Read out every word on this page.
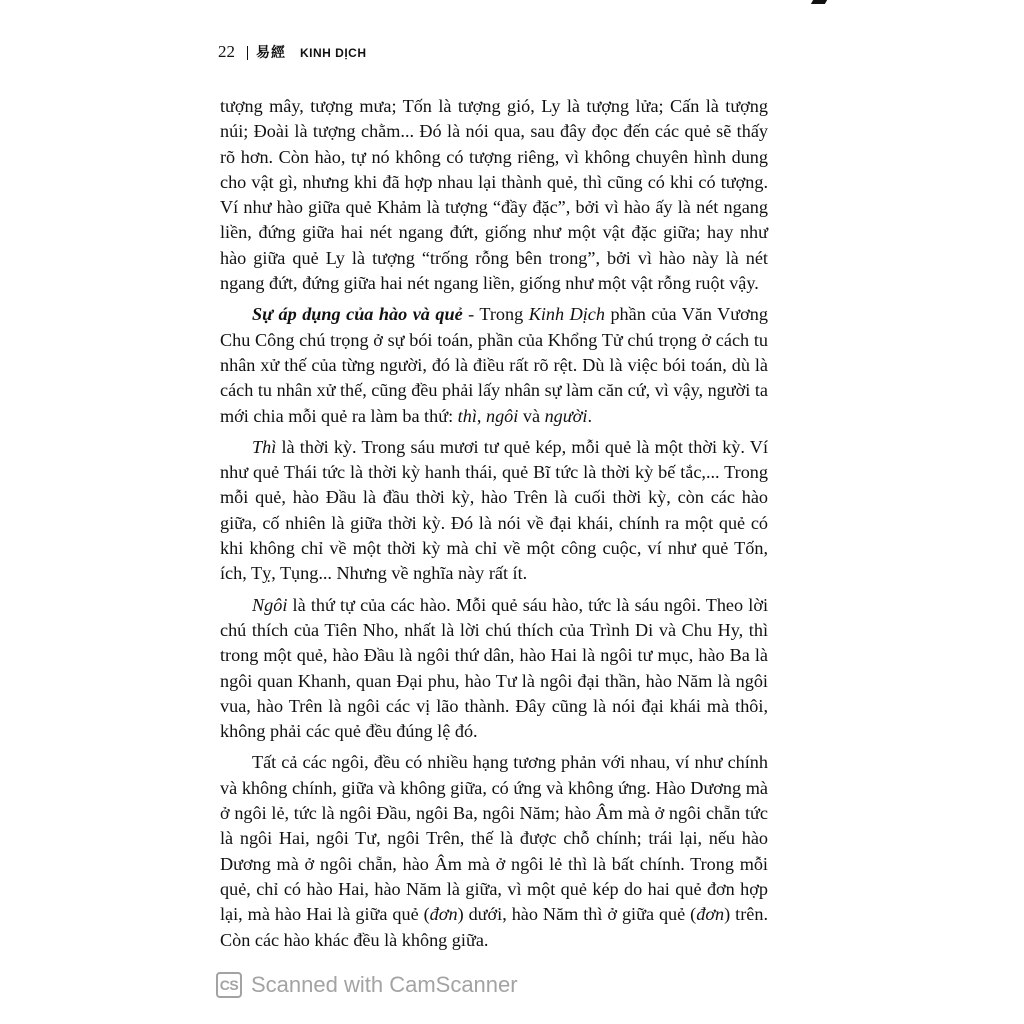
22 易經 KINH DỊCH

tượng mây, tượng mưa; Tốn là tượng gió, Ly là tượng lửa; Cấn là tượng núi; Đoài là tượng chằm... Đó là nói qua, sau đây đọc đến các quẻ sẽ thấy rõ hơn. Còn hào, tự nó không có tượng riêng, vì không chuyên hình dung cho vật gì, nhưng khi đã hợp nhau lại thành quẻ, thì cũng có khi có tượng. Ví như hào giữa quẻ Khảm là tượng “đầy đặc”, bởi vì hào ấy là nét ngang liền, đứng giữa hai nét ngang đứt, giống như một vật đặc giữa; hay như hào giữa quẻ Ly là tượng “trống rỗng bên trong”, bởi vì hào này là nét ngang đứt, đứng giữa hai nét ngang liền, giống như một vật rỗng ruột vậy.

Sự áp dụng của hào và quẻ - Trong Kinh Dịch phần của Văn Vương Chu Công chú trọng ở sự bói toán, phần của Khổng Tử chú trọng ở cách tu nhân xử thế của từng người, đó là điều rất rõ rệt. Dù là việc bói toán, dù là cách tu nhân xử thế, cũng đều phải lấy nhân sự làm căn cứ, vì vậy, người ta mới chia mỗi quẻ ra làm ba thứ: thì, ngôi và người.

Thì là thời kỳ. Trong sáu mươi tư quẻ kép, mỗi quẻ là một thời kỳ. Ví như quẻ Thái tức là thời kỳ hanh thái, quẻ Bĩ tức là thời kỳ bế tắc,... Trong mỗi quẻ, hào Đầu là đầu thời kỳ, hào Trên là cuối thời kỳ, còn các hào giữa, cố nhiên là giữa thời kỳ. Đó là nói về đại khái, chính ra một quẻ có khi không chỉ về một thời kỳ mà chỉ về một công cuộc, ví như quẻ Tốn, ích, Tỵ, Tụng... Nhưng về nghĩa này rất ít.

Ngôi là thứ tự của các hào. Mỗi quẻ sáu hào, tức là sáu ngôi. Theo lời chú thích của Tiên Nho, nhất là lời chú thích của Trình Di và Chu Hy, thì trong một quẻ, hào Đầu là ngôi thứ dân, hào Hai là ngôi tư mục, hào Ba là ngôi quan Khanh, quan Đại phu, hào Tư là ngôi đại thần, hào Năm là ngôi vua, hào Trên là ngôi các vị lão thành. Đây cũng là nói đại khái mà thôi, không phải các quẻ đều đúng lệ đó.

Tất cả các ngôi, đều có nhiều hạng tương phản với nhau, ví như chính và không chính, giữa và không giữa, có ứng và không ứng. Hào Dương mà ở ngôi lẻ, tức là ngôi Đầu, ngôi Ba, ngôi Năm; hào Âm mà ở ngôi chẵn tức là ngôi Hai, ngôi Tư, ngôi Trên, thế là được chỗ chính; trái lại, nếu hào Dương mà ở ngôi chẵn, hào Âm mà ở ngôi lẻ thì là bất chính. Trong mỗi quẻ, chỉ có hào Hai, hào Năm là giữa, vì một quẻ kép do hai quẻ đơn hợp lại, mà hào Hai là giữa quẻ (đơn) dưới, hào Năm thì ở giữa quẻ (đơn) trên. Còn các hào khác đều là không giữa.

CS Scanned with CamScanner
